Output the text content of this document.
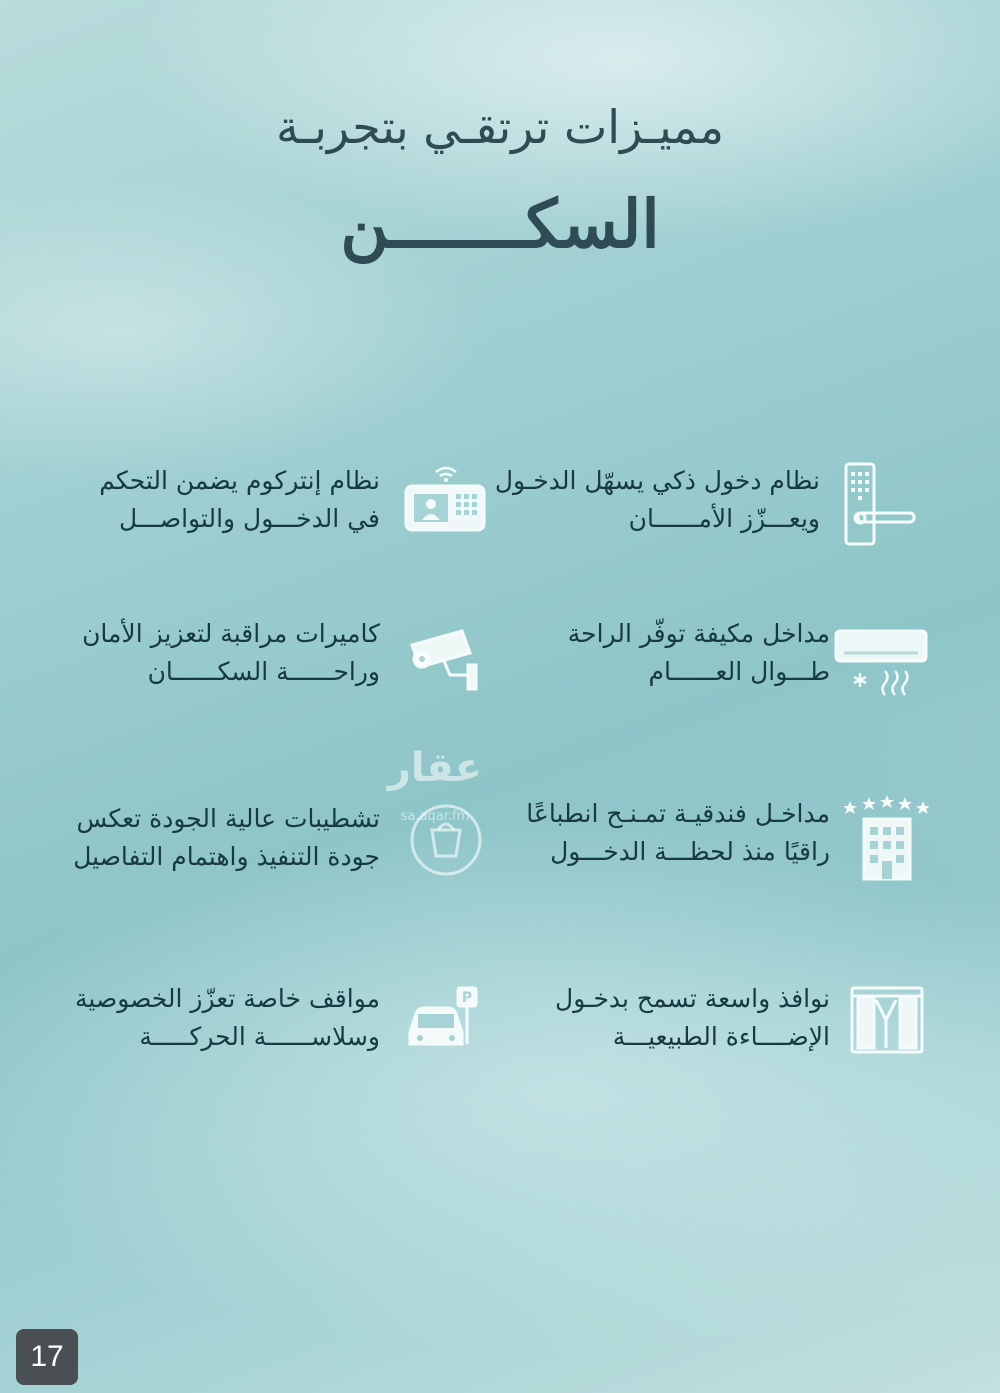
مميـزات ترتقـي بتجربـة
السكـــــــن
نظام دخول ذكي يسهّل الدخـول
ويعـــزّز الأمــــــان
مداخل مكيفة توفّر الراحة
طـــوال العــــــام
مداخـل فندقيـة تمـنـح انطباعًا
راقيًا منذ لحظـــة الدخـــول
نوافذ واسعة تسمح بدخـول
الإضــــاءة الطبيعيـــة
نظام إنتركوم يضمن التحكم
في الدخـــول والتواصـــل
كاميرات مراقبة لتعزيز الأمان
وراحــــــة السكــــــان
تشطيبات عالية الجودة تعكس
جودة التنفيذ واهتمام التفاصيل
P
مواقف خاصة تعزّز الخصوصية
وسلاســــــة الحركـــــة
عقار
sa.aqar.fm
17
